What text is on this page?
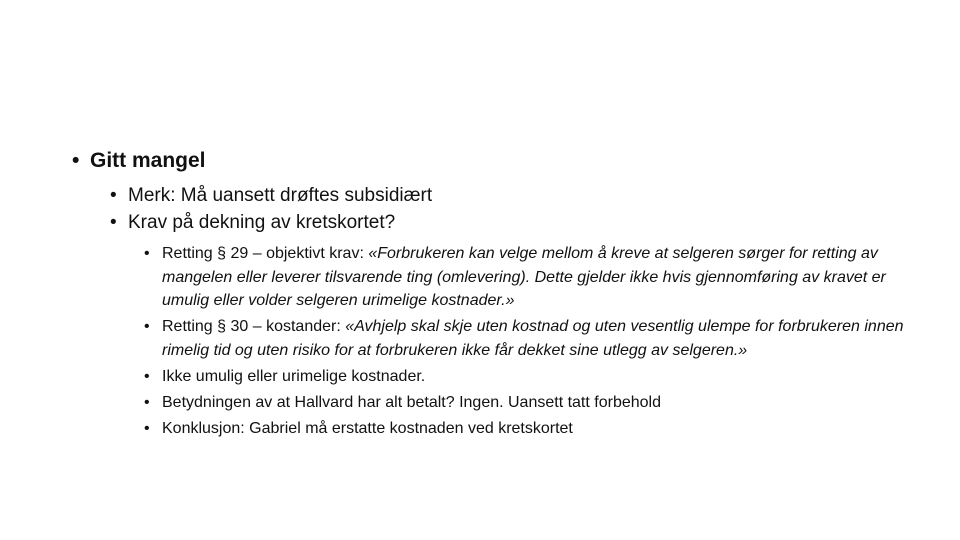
• Gitt mangel
• Merk: Må uansett drøftes subsidiært
• Krav på dekning av kretskortet?
• Retting § 29 – objektivt krav: «Forbrukeren kan velge mellom å kreve at selgeren sørger for retting av mangelen eller leverer tilsvarende ting (omlevering). Dette gjelder ikke hvis gjennomføring av kravet er umulig eller volder selgeren urimelige kostnader.»
• Retting § 30 – kostander: «Avhjelp skal skje uten kostnad og uten vesentlig ulempe for forbrukeren innen rimelig tid og uten risiko for at forbrukeren ikke får dekket sine utlegg av selgeren.»
• Ikke umulig eller urimelige kostnader.
• Betydningen av at Hallvard har alt betalt? Ingen. Uansett tatt forbehold
• Konklusjon: Gabriel må erstatte kostnaden ved kretskortet
